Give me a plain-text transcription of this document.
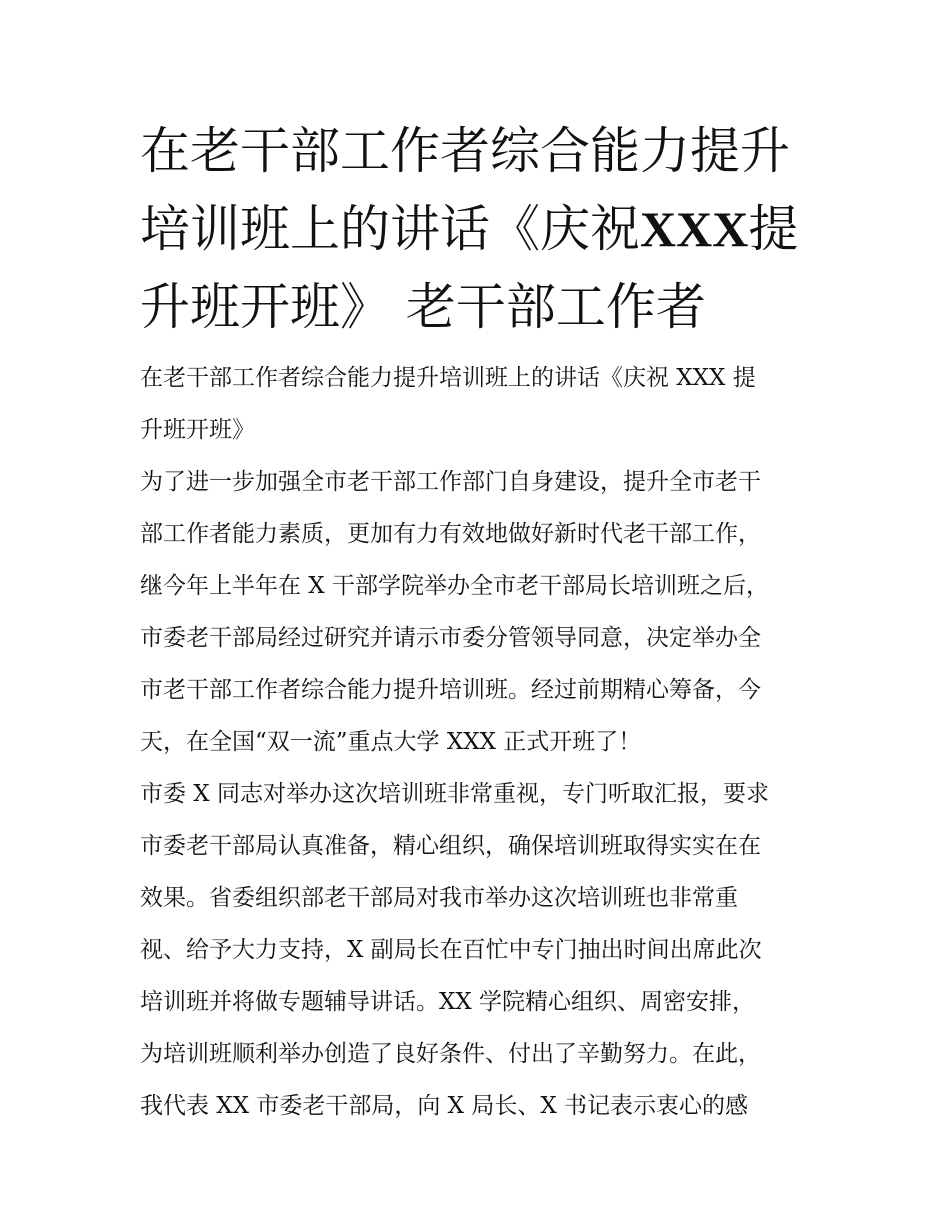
在老干部工作者综合能力提升
培训班上的讲话《庆祝XXX提
升班开班》 老干部工作者
在老干部工作者综合能力提升培训班上的讲话《庆祝 XXX 提
升班开班》
为了进一步加强全市老干部工作部门自身建设，提升全市老干
部工作者能力素质，更加有力有效地做好新时代老干部工作，
继今年上半年在 X 干部学院举办全市老干部局长培训班之后，
市委老干部局经过研究并请示市委分管领导同意，决定举办全
市老干部工作者综合能力提升培训班。经过前期精心筹备，今
天，在全国“双一流”重点大学 XXX 正式开班了！
市委 X 同志对举办这次培训班非常重视，专门听取汇报，要求
市委老干部局认真准备，精心组织，确保培训班取得实实在在
效果。省委组织部老干部局对我市举办这次培训班也非常重
视、给予大力支持，X 副局长在百忙中专门抽出时间出席此次
培训班并将做专题辅导讲话。XX 学院精心组织、周密安排，
为培训班顺利举办创造了良好条件、付出了辛勤努力。在此，
我代表 XX 市委老干部局，向 X 局长、X 书记表示衷心的感
